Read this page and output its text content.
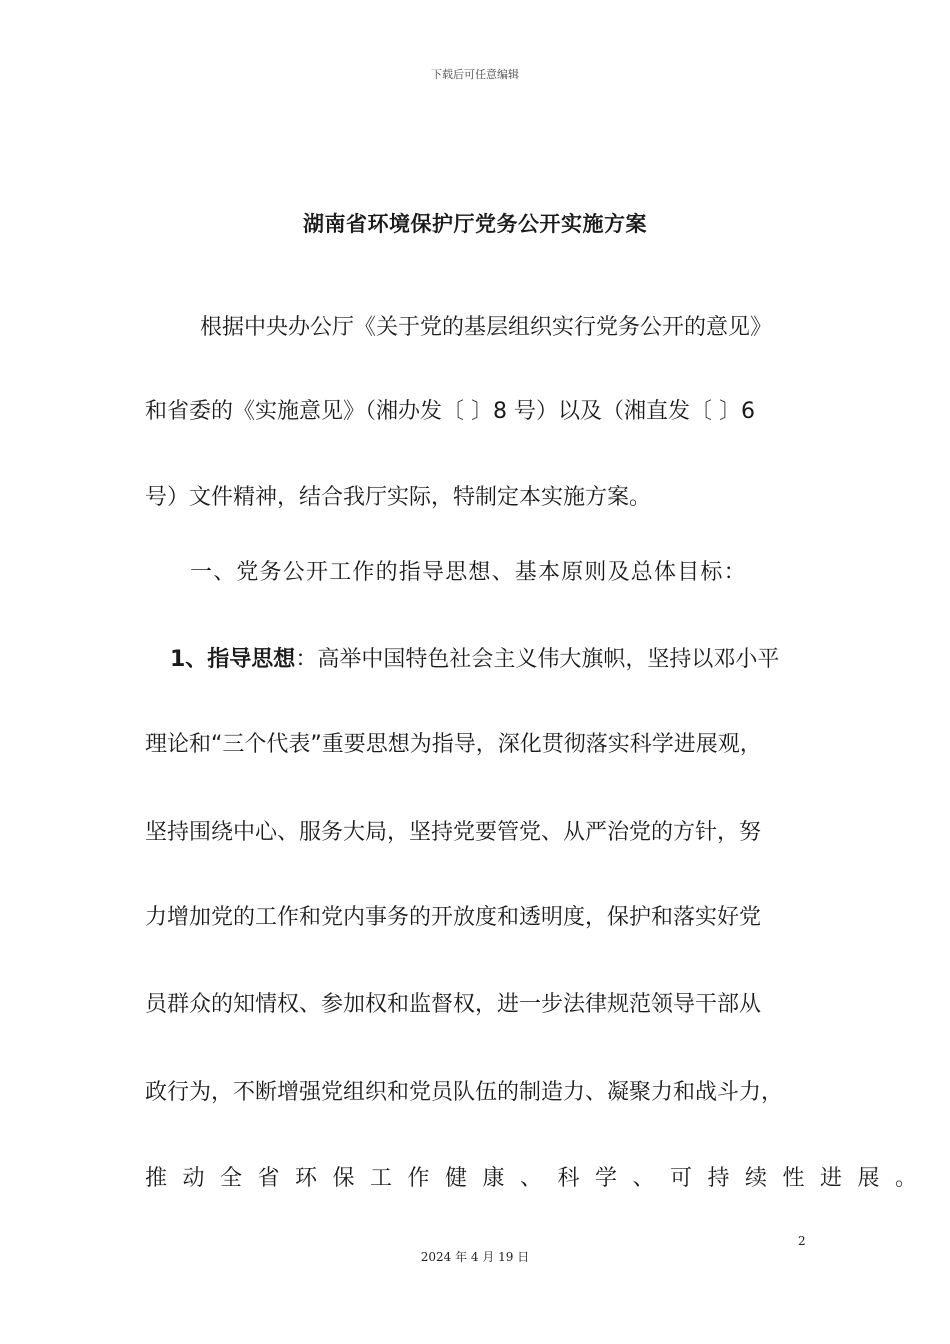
下载后可任意编辑
湖南省环境保护厅党务公开实施方案
根据中央办公厅《关于党的基层组织实行党务公开的意见》
和省委的《实施意见》（湘办发〔 〕8 号）以及（湘直发〔 〕6
号）文件精神，结合我厅实际，特制定本实施方案。
一、党务公开工作的指导思想、基本原则及总体目标：
1、指导思想：高举中国特色社会主义伟大旗帜，坚持以邓小平
理论和“三个代表”重要思想为指导，深化贯彻落实科学进展观，
坚持围绕中心、服务大局，坚持党要管党、从严治党的方针，努
力增加党的工作和党内事务的开放度和透明度，保护和落实好党
员群众的知情权、参加权和监督权，进一步法律规范领导干部从
政行为，不断增强党组织和党员队伍的制造力、凝聚力和战斗力，
推动全省环保工作健康、科学、可持续性进展。
2
2024 年 4 月 19 日
